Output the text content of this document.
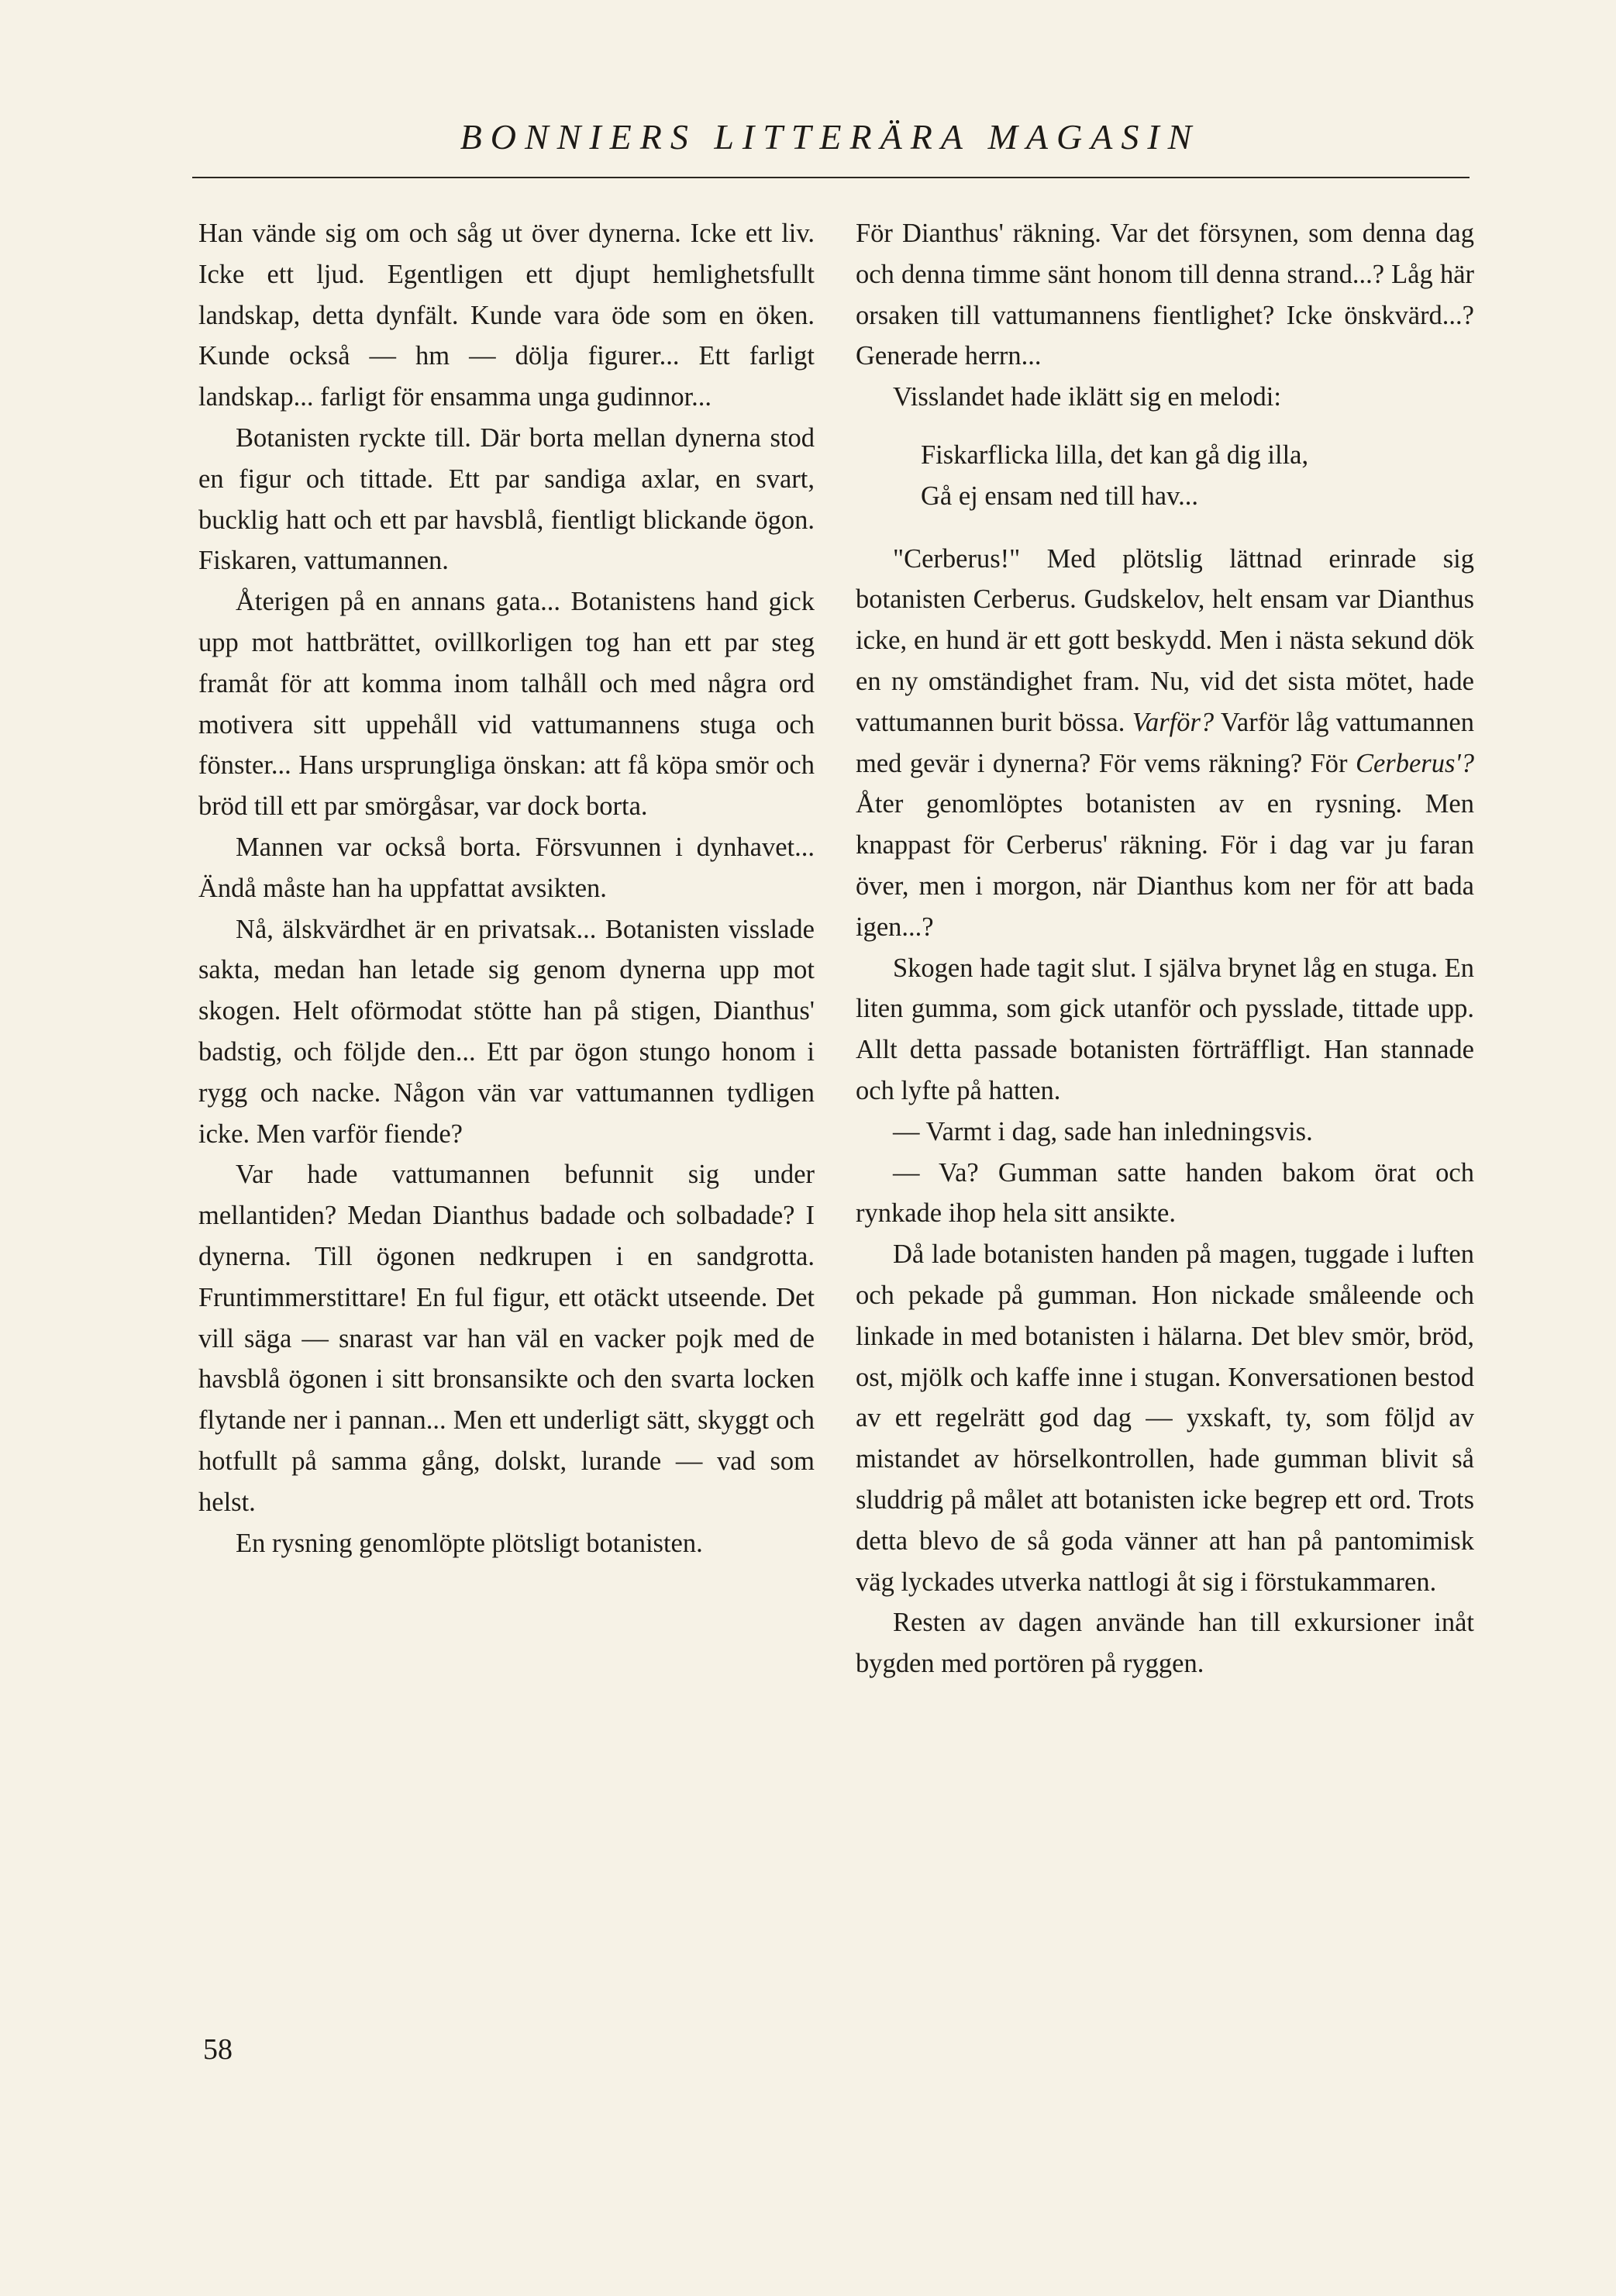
BONNIERS LITTERÄRA MAGASIN

Han vände sig om och såg ut över dynerna. Icke ett liv. Icke ett ljud. Egentligen ett djupt hemlighetsfullt landskap, detta dynfält. Kunde vara öde som en öken. Kunde också — hm — dölja figurer... Ett farligt landskap... farligt för ensamma unga gudinnor...

Botanisten ryckte till. Där borta mellan dynerna stod en figur och tittade. Ett par sandiga axlar, en svart, bucklig hatt och ett par havsblå, fientligt blickande ögon. Fiskaren, vattumannen.

Återigen på en annans gata... Botanistens hand gick upp mot hattbrättet, ovillkorligen tog han ett par steg framåt för att komma inom talhåll och med några ord motivera sitt uppehåll vid vattumannens stuga och fönster... Hans ursprungliga önskan: att få köpa smör och bröd till ett par smörgåsar, var dock borta.

Mannen var också borta. Försvunnen i dynhavet... Ändå måste han ha uppfattat avsikten.

Nå, älskvärdhet är en privatsak... Botanisten visslade sakta, medan han letade sig genom dynerna upp mot skogen. Helt oförmodat stötte han på stigen, Dianthus' badstig, och följde den... Ett par ögon stungo honom i rygg och nacke. Någon vän var vattumannen tydligen icke. Men varför fiende?

Var hade vattumannen befunnit sig under mellantiden? Medan Dianthus badade och solbadade? I dynerna. Till ögonen nedkrupen i en sandgrotta. Fruntimmerstittare! En ful figur, ett otäckt utseende. Det vill säga — snarast var han väl en vacker pojk med de havsblå ögonen i sitt bronsansikte och den svarta locken flytande ner i pannan... Men ett underligt sätt, skyggt och hotfullt på samma gång, dolskt, lurande — vad som helst.

En rysning genomlöpte plötsligt botanisten.

För Dianthus' räkning. Var det försynen, som denna dag och denna timme sänt honom till denna strand...? Låg här orsaken till vattumannens fientlighet? Icke önskvärd...? Generade herrn...

Visslandet hade iklätt sig en melodi:

Fiskarflicka lilla, det kan gå dig illa,
Gå ej ensam ned till hav...

"Cerberus!" Med plötslig lättnad erinrade sig botanisten Cerberus. Gudskelov, helt ensam var Dianthus icke, en hund är ett gott beskydd. Men i nästa sekund dök en ny omständighet fram. Nu, vid det sista mötet, hade vattumannen burit bössa. Varför? Varför låg vattumannen med gevär i dynerna? För vems räkning? För Cerberus'? Åter genomlöptes botanisten av en rysning. Men knappast för Cerberus' räkning. För i dag var ju faran över, men i morgon, när Dianthus kom ner för att bada igen...?

Skogen hade tagit slut. I själva brynet låg en stuga. En liten gumma, som gick utanför och pysslade, tittade upp. Allt detta passade botanisten förträffligt. Han stannade och lyfte på hatten.

— Varmt i dag, sade han inledningsvis.

— Va? Gumman satte handen bakom örat och rynkade ihop hela sitt ansikte.

Då lade botanisten handen på magen, tuggade i luften och pekade på gumman. Hon nickade småleende och linkade in med botanisten i hälarna. Det blev smör, bröd, ost, mjölk och kaffe inne i stugan. Konversationen bestod av ett regelrätt god dag — yxskaft, ty, som följd av mistandet av hörselkontrollen, hade gumman blivit så sluddrig på målet att botanisten icke begrep ett ord. Trots detta blevo de så goda vänner att han på pantomimisk väg lyckades utverka nattlogi åt sig i förstukammaren.

Resten av dagen använde han till exkursioner inåt bygden med portören på ryggen.

58
